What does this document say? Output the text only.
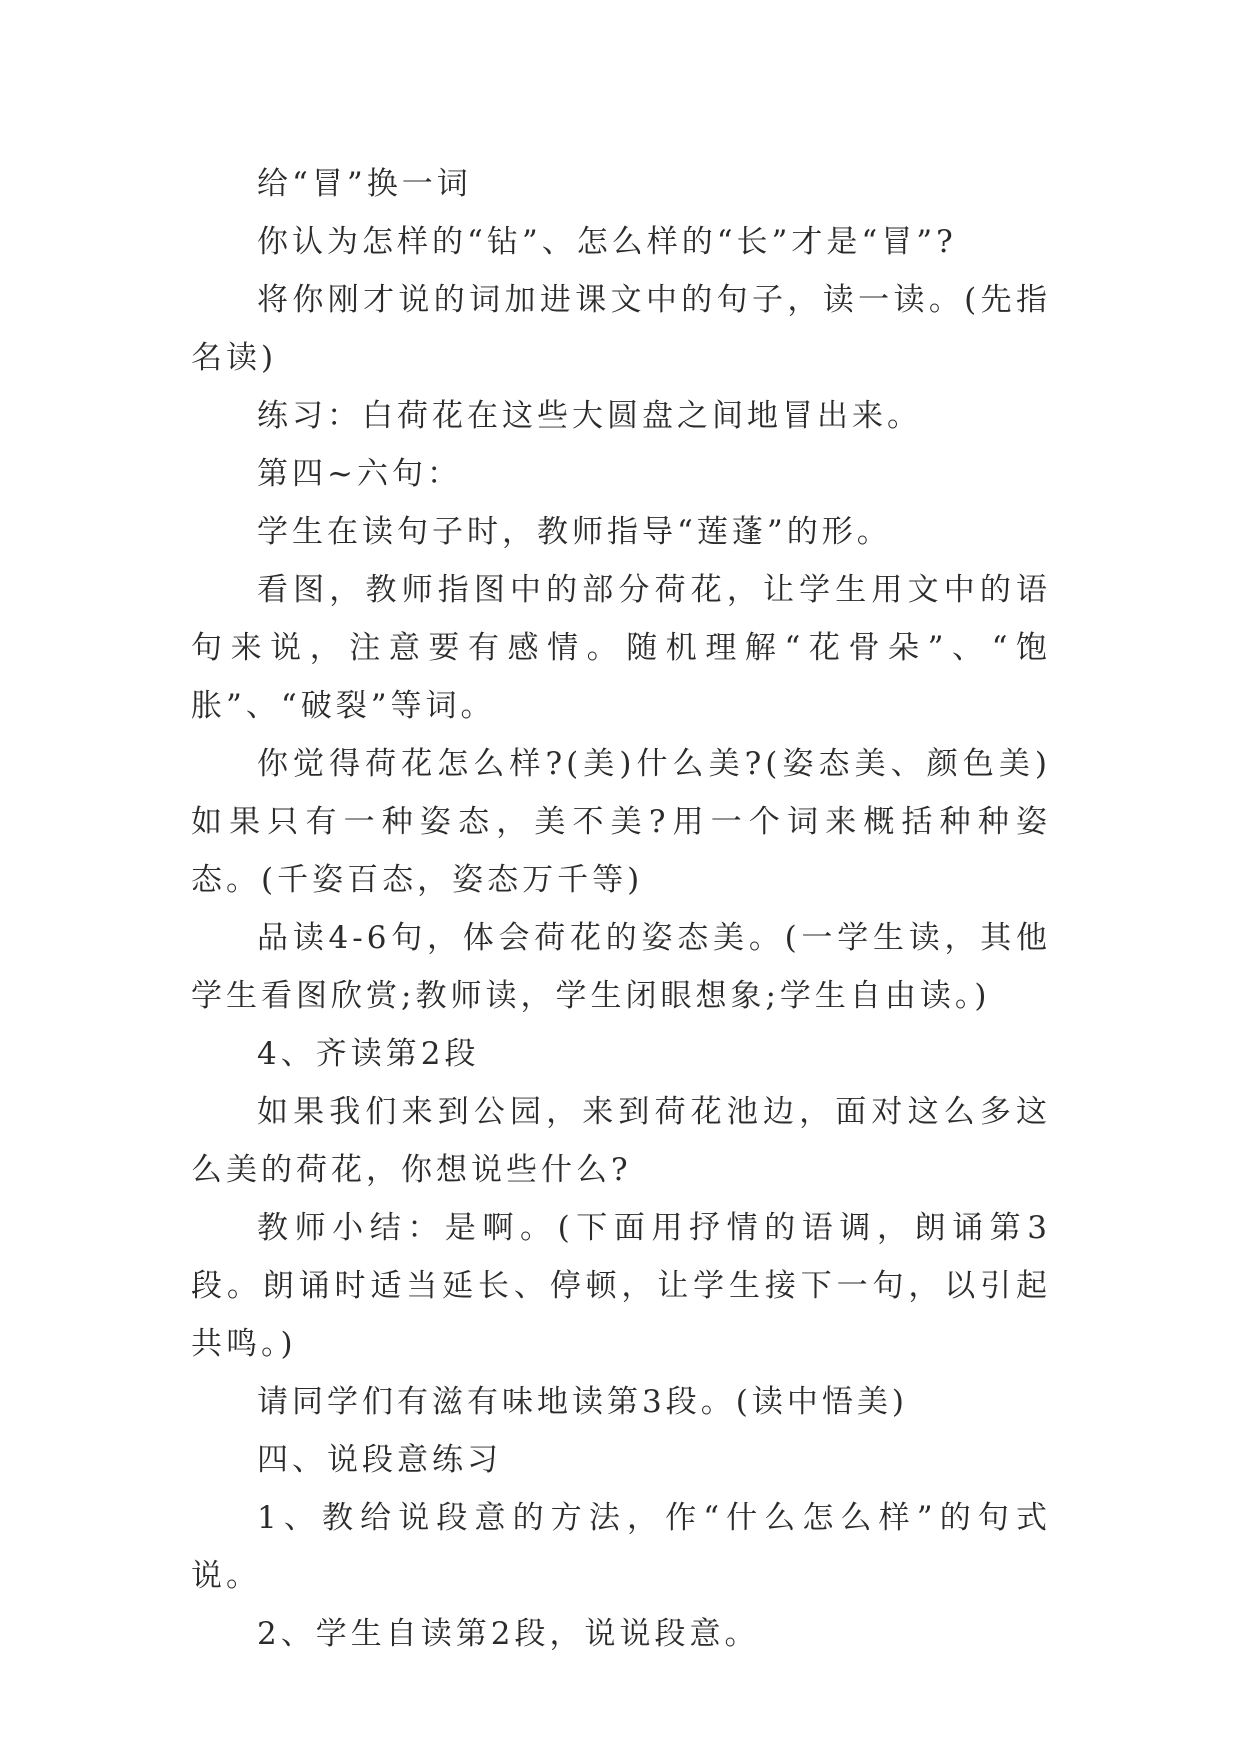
给“冒”换一词

你认为怎样的“钻”、怎么样的“长”才是“冒”?

将你刚才说的词加进课文中的句子，读一读。(先指名读)

练习：白荷花在这些大圆盘之间地冒出来。

第四~六句：

学生在读句子时，教师指导“莲蓬”的形。

看图，教师指图中的部分荷花，让学生用文中的语句来说，注意要有感情。随机理解“花骨朵”、“饱胀”、“破裂”等词。

你觉得荷花怎么样?(美)什么美?(姿态美、颜色美)如果只有一种姿态，美不美?用一个词来概括种种姿态。(千姿百态，姿态万千等)

品读4-6句，体会荷花的姿态美。(一学生读，其他学生看图欣赏;教师读，学生闭眼想象;学生自由读。)

4、齐读第2段

如果我们来到公园，来到荷花池边，面对这么多这么美的荷花，你想说些什么?

教师小结：是啊。(下面用抒情的语调，朗诵第3段。朗诵时适当延长、停顿，让学生接下一句，以引起共鸣。)

请同学们有滋有味地读第3段。(读中悟美)

四、说段意练习

1、教给说段意的方法，作“什么怎么样”的句式说。

2、学生自读第2段，说说段意。
